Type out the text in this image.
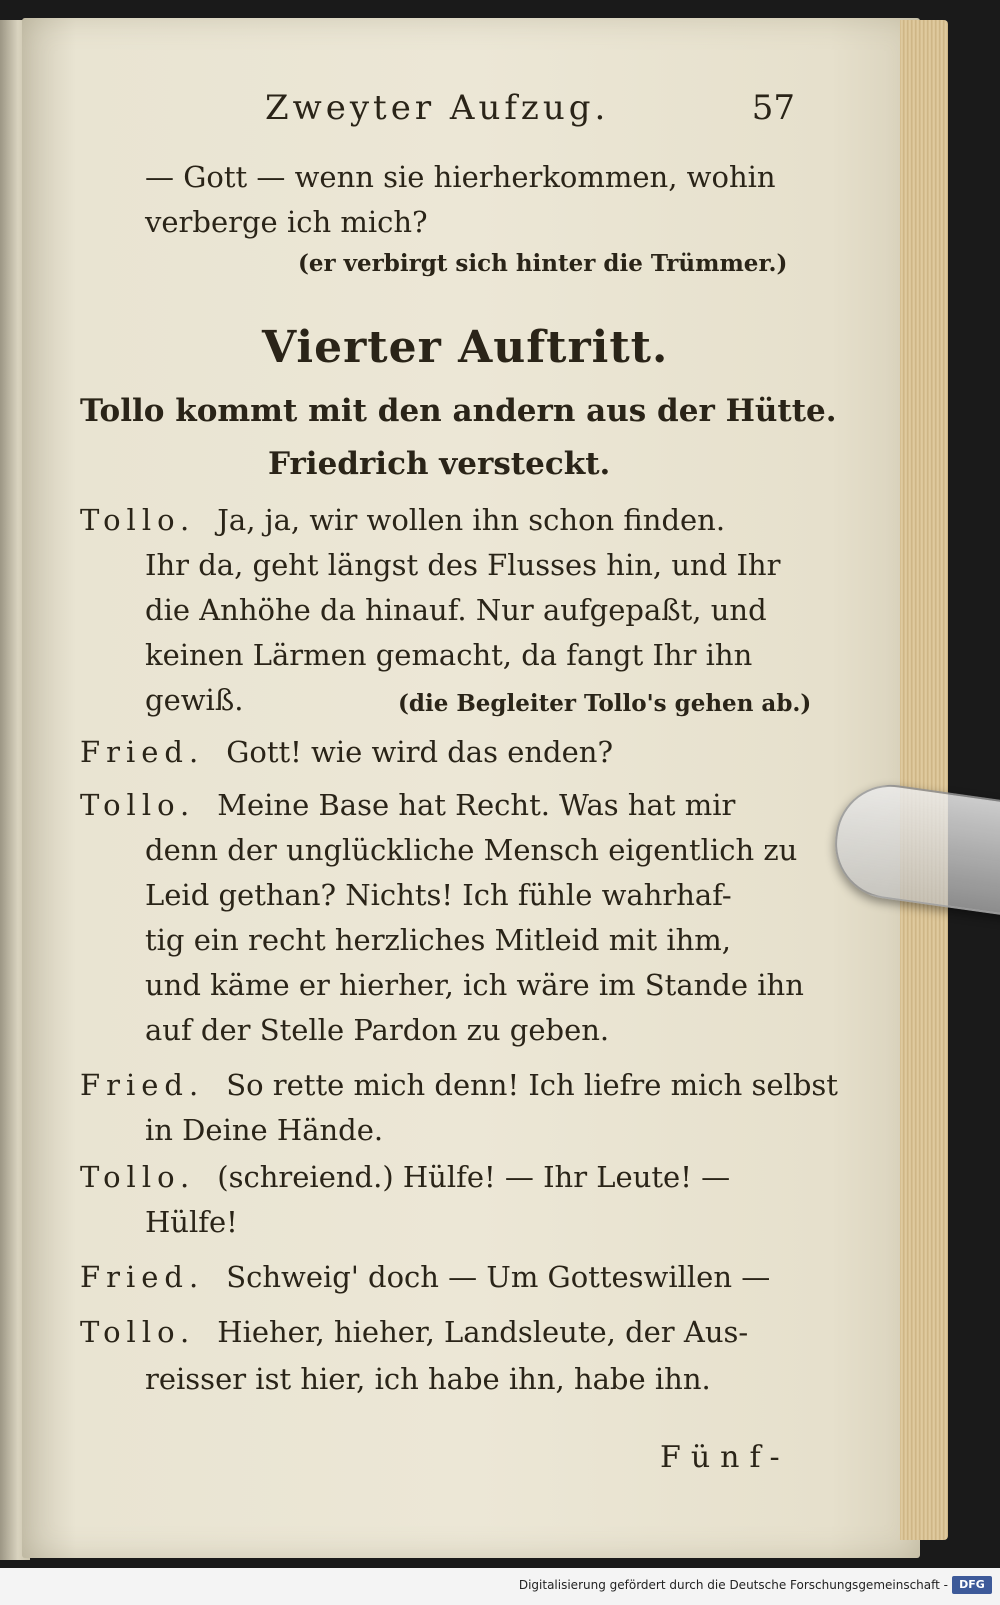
Zweyter Aufzug.	57
— Gott — wenn sie hierherkommen, wohin
verberge ich mich?
(er verbirgt sich hinter die Trümmer.)
Vierter Auftritt.
Tollo kommt mit den andern aus der Hütte.
Friedrich versteckt.
Tollo. Ja, ja, wir wollen ihn schon finden.
Ihr da, geht längst des Flusses hin, und Ihr
die Anhöhe da hinauf. Nur aufgepaßt, und
keinen Lärmen gemacht, da fangt Ihr ihn
gewiß.	(die Begleiter Tollo's gehen ab.)
Fried. Gott! wie wird das enden?
Tollo. Meine Base hat Recht. Was hat mir
denn der unglückliche Mensch eigentlich zu
Leid gethan? Nichts! Ich fühle wahrhaf-
tig ein recht herzliches Mitleid mit ihm,
und käme er hierher, ich wäre im Stande ihn
auf der Stelle Pardon zu geben.
Fried. So rette mich denn! Ich liefre mich selbst
in Deine Hände.
Tollo. (schreiend.) Hülfe! — Ihr Leute! —
Hülfe!
Fried. Schweig' doch — Um Gotteswillen —
Tollo. Hieher, hieher, Landsleute, der Aus-
reisser ist hier, ich habe ihn, habe ihn.
Fünf-
Digitalisierung gefördert durch die Deutsche Forschungsgemeinschaft -	DFG
